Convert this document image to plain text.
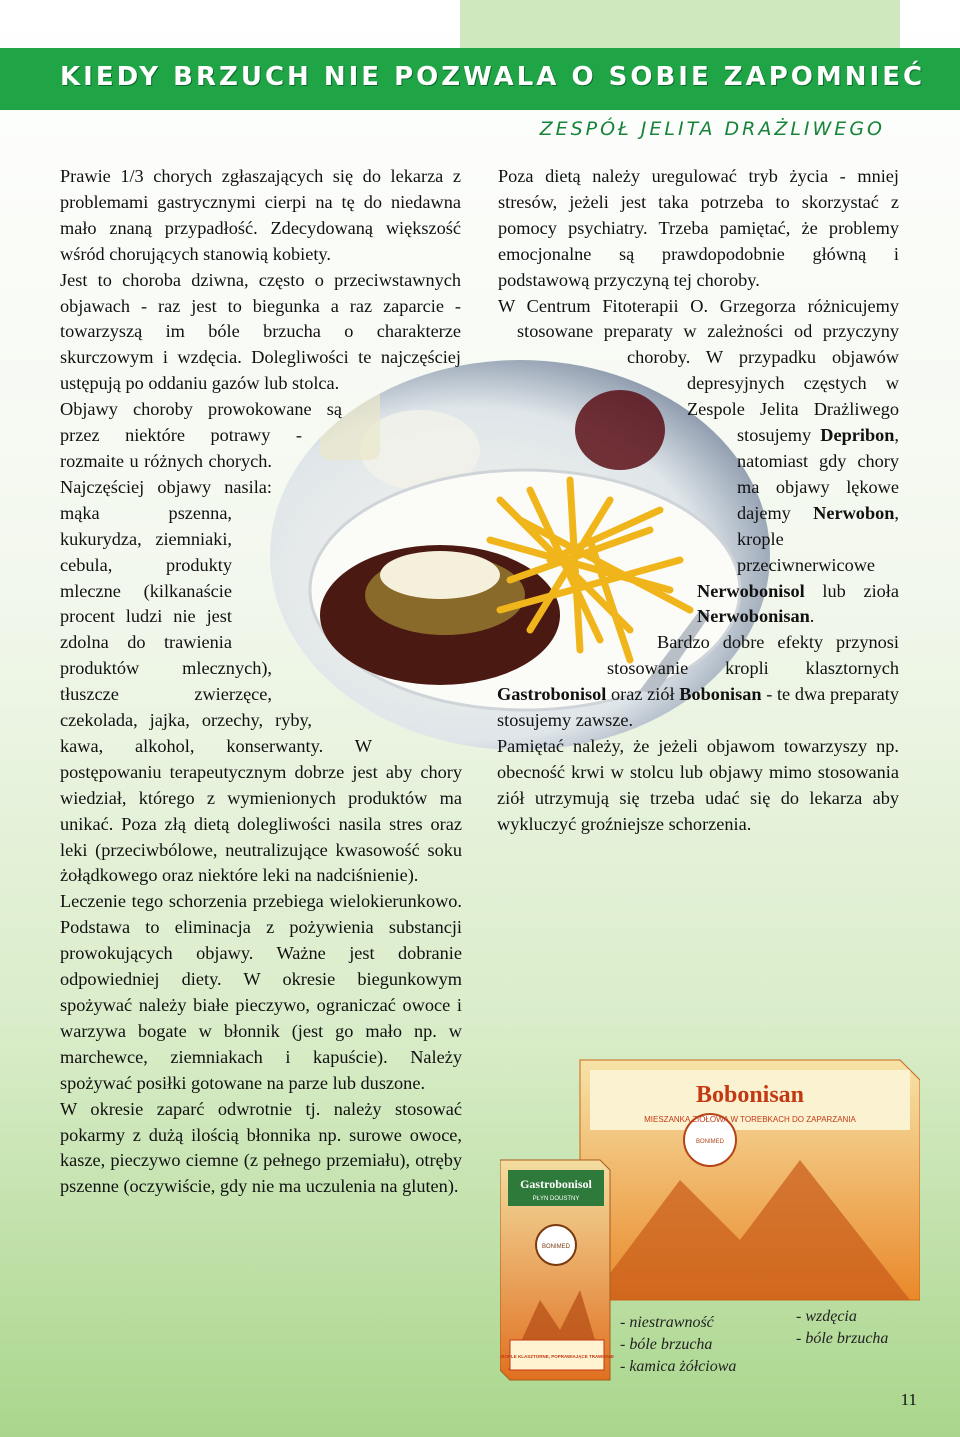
KIEDY BRZUCH NIE POZWALA O SOBIE ZAPOMNIEĆ
ZESPÓŁ JELITA DRAŻLIWEGO

Prawie 1/3 chorych zgłaszających się do lekarza z problemami gastrycznymi cierpi na tę do niedawna mało znaną przypadłość. Zdecydowaną większość wśród chorujących stanowią kobiety.

Jest to choroba dziwna, często o przeciwstawnych objawach - raz jest to biegunka a raz zaparcie - towarzyszą im bóle brzucha o charakterze skurczowym i wzdęcia. Dolegliwości te najczęściej ustępują po oddaniu gazów lub stolca.

Objawy choroby prowokowane są przez niektóre potrawy - rozmaite u różnych chorych. Najczęściej objawy nasila: mąka pszenna, kukurydza, ziemniaki, cebula, produkty mleczne (kilkanaście procent ludzi nie jest zdolna do trawienia produktów mlecznych), tłuszcze zwierzęce, czekolada, jajka, orzechy, ryby, kawa, alkohol, konserwanty. W postępowaniu terapeutycznym dobrze jest aby chory wiedział, którego z wymienionych produktów ma unikać. Poza złą dietą dolegliwości nasila stres oraz leki (przeciwbólowe, neutralizujące kwasowość soku żołądkowego oraz niektóre leki na nadciśnienie).

Leczenie tego schorzenia przebiega wielokierunkowo. Podstawa to eliminacja z pożywienia substancji prowokujących objawy. Ważne jest dobranie odpowiedniej diety. W okresie biegunkowym spożywać należy białe pieczywo, ograniczać owoce i warzywa bogate w błonnik (jest go mało np. w marchewce, ziemniakach i kapuście). Należy spożywać posiłki gotowane na parze lub duszone.

W okresie zaparć odwrotnie tj. należy stosować pokarmy z dużą ilością błonnika np. surowe owoce, kasze, pieczywo ciemne (z pełnego przemiału), otręby pszenne (oczywiście, gdy nie ma uczulenia na gluten).

Poza dietą należy uregulować tryb życia - mniej stresów, jeżeli jest taka potrzeba to skorzystać z pomocy psychiatry. Trzeba pamiętać, że problemy emocjonalne są prawdopodobnie główną i podstawową przyczyną tej choroby.

W Centrum Fitoterapii O. Grzegorza różnicujemy stosowane preparaty w zależności od przyczyny choroby. W przypadku objawów depresyjnych częstych w Zespole Jelita Drażliwego stosujemy Depribon, natomiast gdy chory ma objawy lękowe dajemy Nerwobon, krople przeciwnerwicowe Nerwobonisol lub zioła Nerwobonisan.

Bardzo dobre efekty przynosi stosowanie kropli klasztornych Gastrobonisol oraz ziół Bobonisan - te dwa preparaty stosujemy zawsze.

Pamiętać należy, że jeżeli objawom towarzyszy np. obecność krwi w stolcu lub objawy mimo stosowania ziół utrzymują się trzeba udać się do lekarza aby wykluczyć groźniejsze schorzenia.

Bobonisan
MIESZANKA ZIOŁOWA W TOREBKACH DO ZAPARZANIA
BONIMED
Gastrobonisol
PŁYN DOUSTNY
BONIMED
KROPLE KLASZTORNE, POPRAWIAJĄCE TRAWIENIE
- niestrawność
- bóle brzucha
- kamica żółciowa
- wzdęcia
- bóle brzucha
11
